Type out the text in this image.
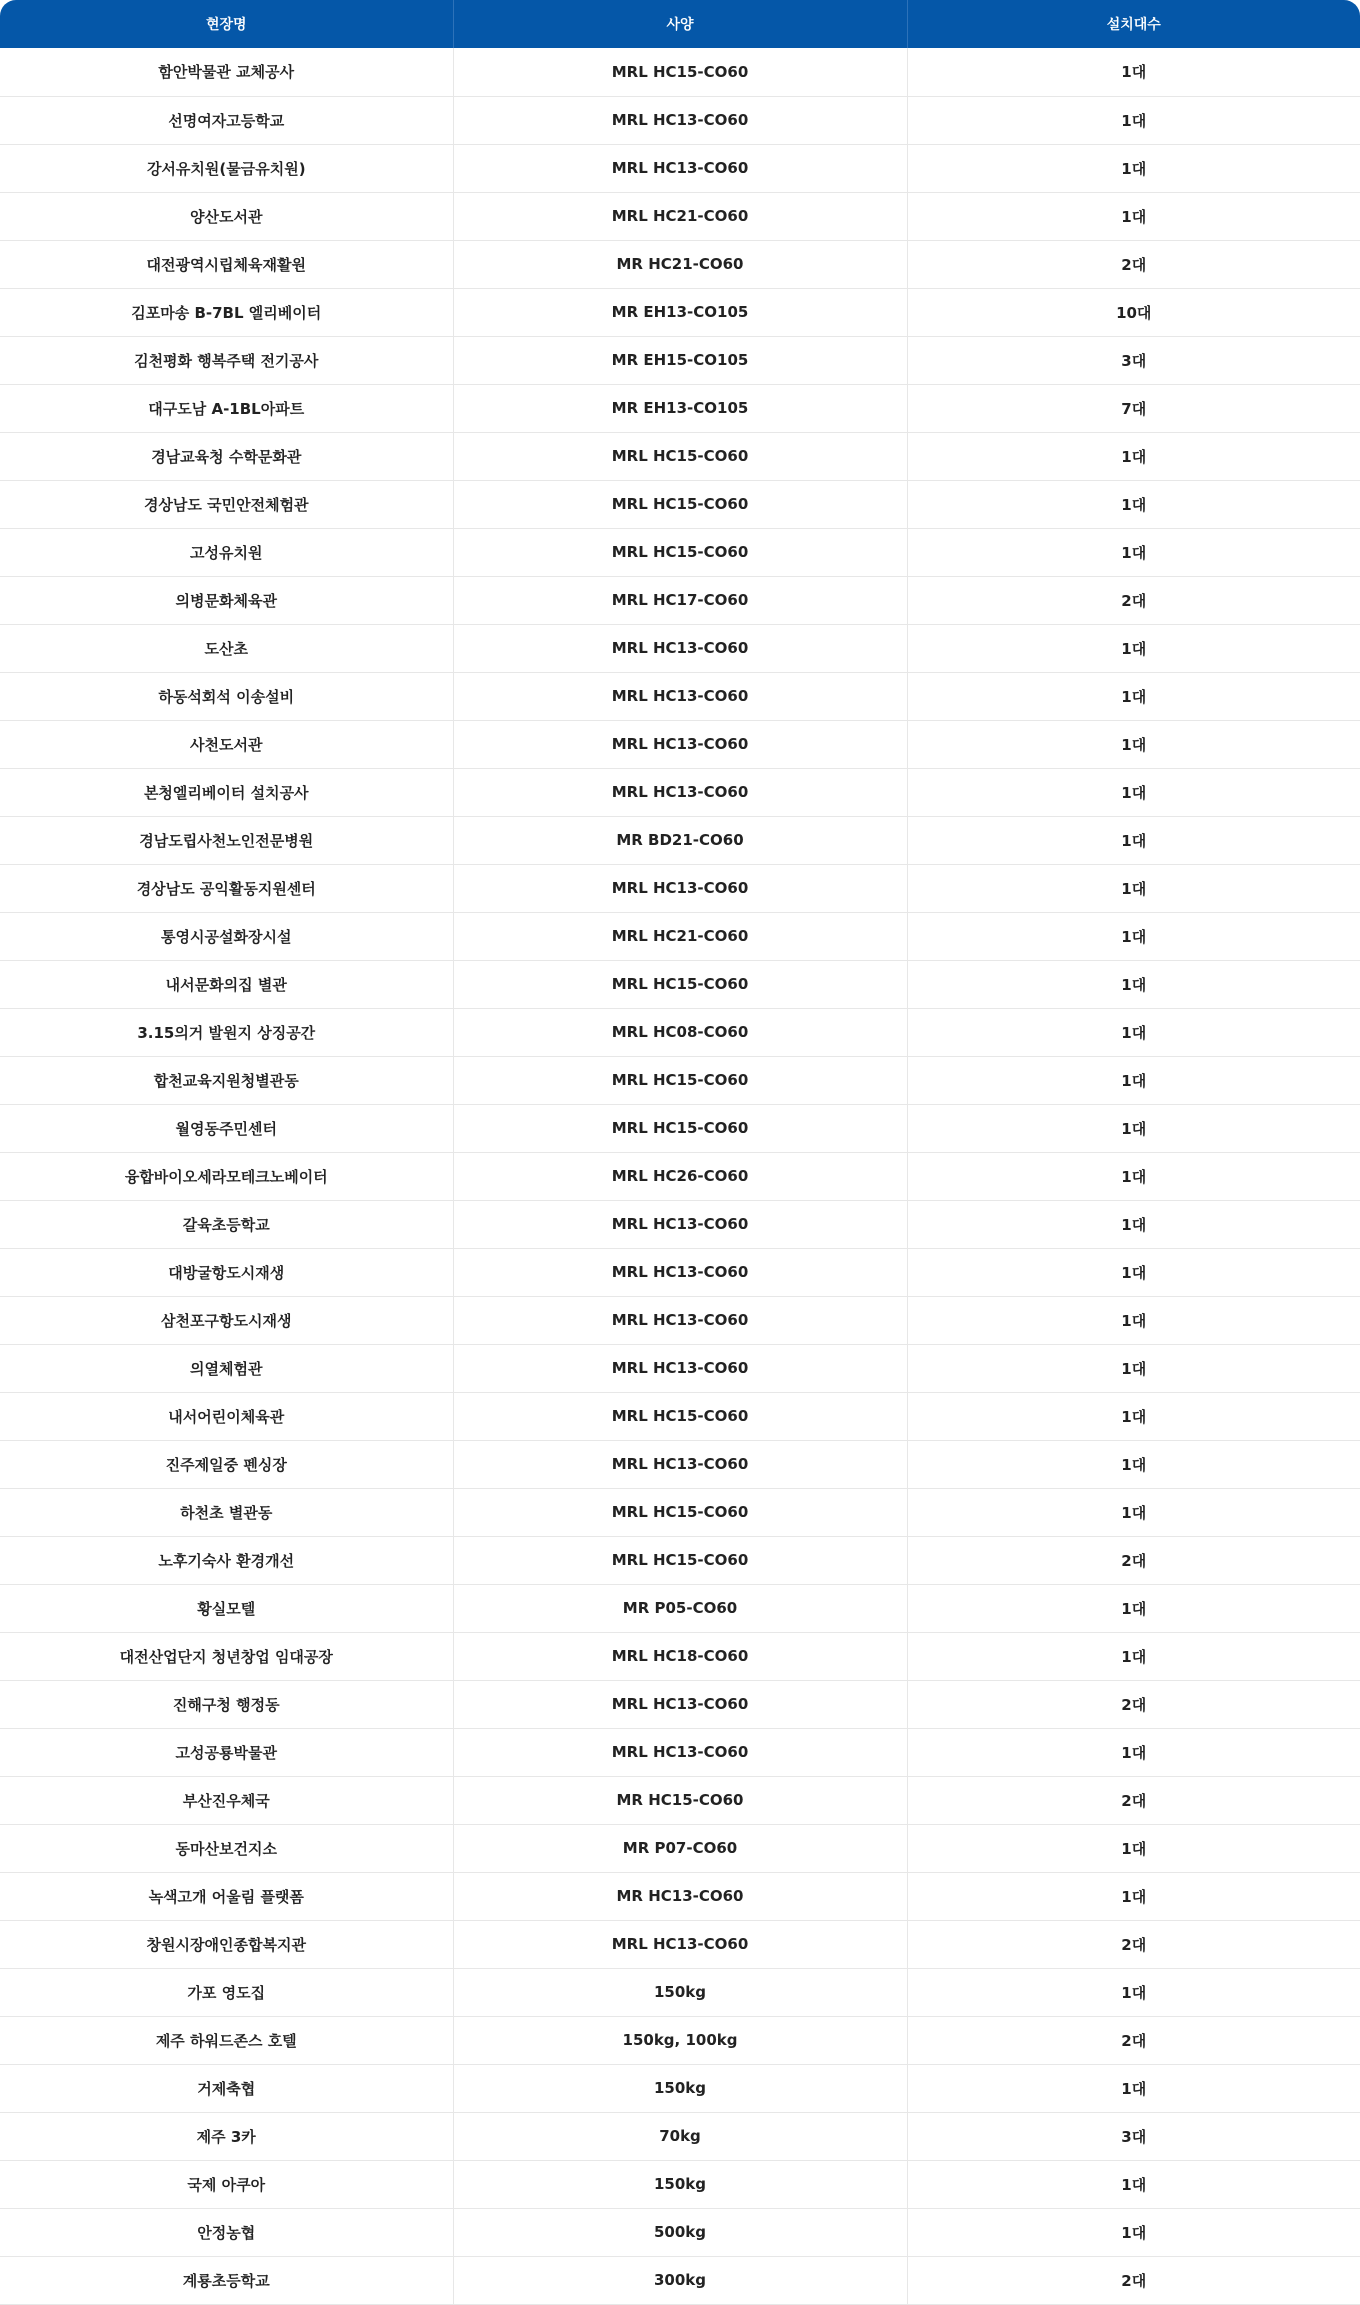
현장명	사양	설치대수
함안박물관 교체공사	MRL HC15-CO60	1대
선명여자고등학교	MRL HC13-CO60	1대
강서유치원(물금유치원)	MRL HC13-CO60	1대
양산도서관	MRL HC21-CO60	1대
대전광역시립체육재활원	MR HC21-CO60	2대
김포마송 B-7BL 엘리베이터	MR EH13-CO105	10대
김천평화 행복주택 전기공사	MR EH15-CO105	3대
대구도남 A-1BL아파트	MR EH13-CO105	7대
경남교육청 수학문화관	MRL HC15-CO60	1대
경상남도 국민안전체험관	MRL HC15-CO60	1대
고성유치원	MRL HC15-CO60	1대
의병문화체육관	MRL HC17-CO60	2대
도산초	MRL HC13-CO60	1대
하동석회석 이송설비	MRL HC13-CO60	1대
사천도서관	MRL HC13-CO60	1대
본청엘리베이터 설치공사	MRL HC13-CO60	1대
경남도립사천노인전문병원	MR BD21-CO60	1대
경상남도 공익활동지원센터	MRL HC13-CO60	1대
통영시공설화장시설	MRL HC21-CO60	1대
내서문화의집 별관	MRL HC15-CO60	1대
3.15의거 발원지 상징공간	MRL HC08-CO60	1대
합천교육지원청별관동	MRL HC15-CO60	1대
월영동주민센터	MRL HC15-CO60	1대
융합바이오세라모테크노베이터	MRL HC26-CO60	1대
갈육초등학교	MRL HC13-CO60	1대
대방굴항도시재생	MRL HC13-CO60	1대
삼천포구항도시재생	MRL HC13-CO60	1대
의열체험관	MRL HC13-CO60	1대
내서어린이체육관	MRL HC15-CO60	1대
진주제일중 펜싱장	MRL HC13-CO60	1대
하천초 별관동	MRL HC15-CO60	1대
노후기숙사 환경개선	MRL HC15-CO60	2대
황실모텔	MR P05-CO60	1대
대전산업단지 청년창업 임대공장	MRL HC18-CO60	1대
진해구청 행정동	MRL HC13-CO60	2대
고성공룡박물관	MRL HC13-CO60	1대
부산진우체국	MR HC15-CO60	2대
동마산보건지소	MR P07-CO60	1대
녹색고개 어울림 플랫폼	MR HC13-CO60	1대
창원시장애인종합복지관	MRL HC13-CO60	2대
가포 영도집	150kg	1대
제주 하워드존스 호텔	150kg, 100kg	2대
거제축협	150kg	1대
제주 3카	70kg	3대
국제 아쿠아	150kg	1대
안정농협	500kg	1대
계룡초등학교	300kg	2대
